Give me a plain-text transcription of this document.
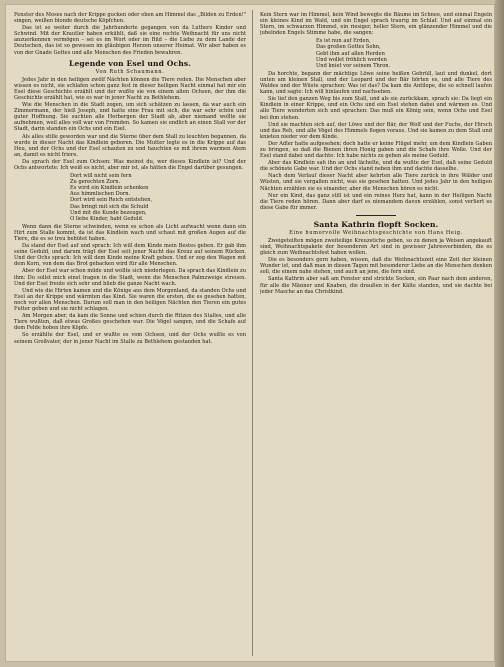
Fenster des Moses nach der Krippe gucken oder eben am Himmel das „Bilden zu Erden!" singen, weißen blonde deutsche Köpfchen.

Das ist so weiter durch die Jahrhunderte gegangen von da Luthers Kinder und Schwind. Mit der Krautler haben erkühlt, daß sie eine rechte Weihnacht für uns nicht anzuerkennen vermögen – sei es im Wort oder im Bild – die Liebe zu dem Lande der Deutschen, das ist so gewesen im gläubigen Herzen unserer Heimat. Wir aber haben es von der Gnade Gottes und alle Menschen des Frieden bewahren.

Legende von Esel und Ochs.
Von Ruth Schaumann.

Jedes Jahr in den heiligen zwölf Nächten können die Tiere reden. Die Menschen aber wissen es nicht, sie schlafen schon ganz fest in dieser heiligen Nacht einmal hat mir ein Esel diese Geschichte erzählt und der wußte sie von einem alten Ochsen, der ihm die Geschichte erzählt hat, wie es war in jener Nacht zu Bethlehem.

Wie die Menschen in die Stadt zogen, um sich schätzen zu lassen, da war auch ein Zimmermann, der hieß Joseph, und hatte eine Frau mit sich, die war sehr schön und guter Hoffnung. Sie suchten alle Herbergen der Stadt ab, aber niemand wollte sie aufnehmen, weil alles voll war von Fremden. So kamen sie endlich an einen Stall vor der Stadt, darin standen ein Ochs und ein Esel.

Als alles stille geworden war und die Sterne über dem Stall zu leuchten begannen, da wurde in dieser Nacht das Kindlein geboren. Die Mutter legte es in die Krippe auf das Heu, und der Ochs und der Esel schauten zu und hauchten es mit ihrem warmen Atem an, damit es nicht friere.

Da sprach der Esel zum Ochsen: Was meinst du, wer dieses Kindlein ist? Und der Ochs antwortete: Ich weiß es nicht, aber mir ist, als hätten die Engel darüber gesungen.

Dort will nicht sein fern
Zu gerechten Zorn.
Es wird ein Kindlein schenken
Aus himmlischen Dorn.
Dort wird sein Reich entstehen,
Das bringt mit sich die Schuld
Und mit die Kunde bezeugen,
O liebe Kinder, habt Geduld.

Wenn dann die Sterne schwinden, wenn es schon als Licht aufwacht wenn dann ein Hirt zum Stalle kommt, da ist das Kindlein wach und schaut mit großen Augen auf die Tiere, die es so treu behütet haben.

Da stand der Esel auf und sprach: Ich will dem Kinde mein Bestes geben. Er gab ihm seine Geduld, und darum trägt der Esel seit jener Nacht das Kreuz auf seinem Rücken. Und der Ochs sprach: Ich will dem Kinde meine Kraft geben. Und er zog den Wagen mit dem Korn, von dem das Brot gebacken wird für alle Menschen.

Aber der Esel war schon müde und wollte sich niederlegen. Da sprach das Kindlein zu ihm: Du sollst mich einst tragen in die Stadt, wenn die Menschen Palmzweige streuen. Und der Esel freute sich sehr und blieb die ganze Nacht wach.

Und wie die Hirten kamen und die Könige aus dem Morgenland, da standen Ochs und Esel an der Krippe und wärmten das Kind. Sie waren die ersten, die es gesehen hatten, noch vor allen Menschen. Darum soll man in den heiligen Nächten den Tieren ein gutes Futter geben und sie nicht schlagen.

Am Morgen aber, da kam die Sonne und schien durch die Ritzen des Stalles, und alle Tiere wußten, daß etwas Großes geschehen war. Die Vögel sangen, und die Schafe auf dem Felde hoben ihre Köpfe.

So erzählte der Esel, und er wußte es vom Ochsen, und der Ochs wußte es von seinem Großvater, der in jener Nacht im Stalle zu Bethlehem gestanden hat.

Kein Stern war im Himmel, kein Wind bewegte die Bäume im Schnee, und einmal Engeln ein kleines Kind im Wald, und ein Engel sprach traurig im Schlaf. Und auf einmal ein Stern, im schwarzen Himmel, ein riesiger, heller Stern, ein glänzender Himmel und die jubelnden Engels Stimme habe, die sangen:

Es ist nun auf Erden,
Das großen Gottes Sohn,
Gebt ihm auf allen Herden
Und wollet fröhlich werden
Und kniet vor seinem Thron.

Da horchte, begann der mächtige Löwe seine heißen Gebrüll, laut und dunkel, dort unten am kleinen Stall, und der Leopard und der Bär hörten es, und alle Tiere des Waldes und der Wüste sprachen: Was ist das? Da kam die Antilope, die so schnell laufen kann, und sagte: Ich will hinlaufen und nachsehen.

Sie lief den ganzen Weg bis zum Stall, und als sie zurückkam, sprach sie: Da liegt ein Kindlein in einer Krippe, und ein Ochs und ein Esel stehen dabei und wärmen es. Und alle Tiere wunderten sich und sprachen: Das muß ein König sein, wenn Ochs und Esel bei ihm stehen.

Und sie machten sich auf, der Löwe und der Bär, der Wolf und der Fuchs, der Hirsch und das Reh, und alle Vögel des Himmels flogen voraus. Und sie kamen zu dem Stall und knieten nieder vor dem Kinde.

Der Adler hatte aufgesehen; doch hatte er keine Flügel mehr, um dem Kindlein Gaben zu bringen, so daß die Bienen ihren Honig gaben und die Schafe ihre Wolle. Und der Esel stand dabei und dachte: Ich habe nichts zu geben als meine Geduld.

Aber das Kindlein sah ihn an und lächelte, und da wußte der Esel, daß seine Geduld die schönste Gabe war. Und der Ochs stand neben ihm und dachte dasselbe.

Nach dem Verlauf dieser Nacht aber kehrten alle Tiere zurück in ihre Wälder und Wüsten, und sie vergaßen nicht, was sie gesehen hatten. Und jedes Jahr in den heiligen Nächten erzählen sie es einander, aber die Menschen hören es nicht.

Nur ein Kind, das ganz still ist und ein reines Herz hat, kann in der Heiligen Nacht die Tiere reden hören. Dann aber darf es niemandem davon erzählen, sonst verliert es diese Gabe für immer.

Santa Kathrin flopft Socken.
Eine humorvolle Weihnachtsgeschichte von Hans Heig.

Zweigeteilten mögen zweiteilige Kreuzstiche geben, so zu denen ja Weisen angekauft sind, Weihnachtspakete der besonderen Art sind in gewisser Jahresverbinden, die es gleich zum Weihnachtsfest haben wollen.

Die es besonders gern haben, wissen, daß die Weihnachtszeit eine Zeit der kleinen Wunder ist, und daß man in diesen Tagen mit besonderer Liebe an die Menschen denken soll, die einem nahe stehen, und auch an jene, die fern sind.

Santa Kathrin aber saß am Fenster und strickte Socken, ein Paar nach dem anderen, für alle die Männer und Knaben, die draußen in der Kälte standen, und sie dachte bei jeder Masche an das Christkind.
